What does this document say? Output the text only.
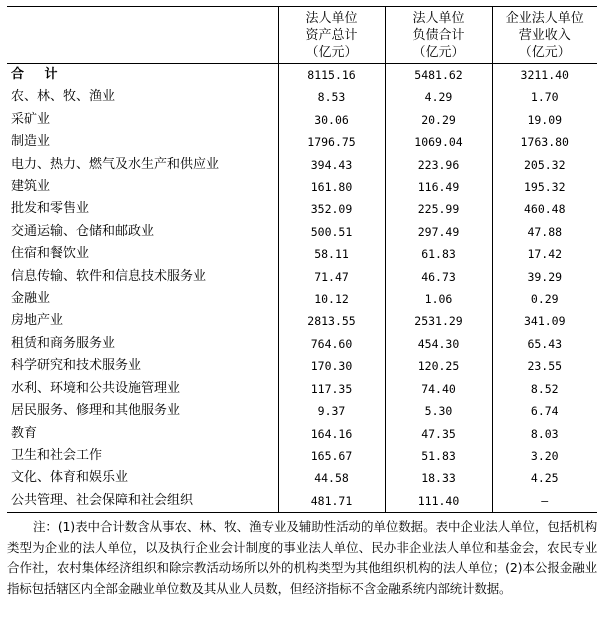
	法人单位
资产总计
（亿元）	法人单位
负债合计
（亿元）	企业法人单位
营业收入
（亿元）

合 计	8115.16	5481.62	3211.40
农、林、牧、渔业	8.53	4.29	1.70
采矿业	30.06	20.29	19.09
制造业	1796.75	1069.04	1763.80
电力、热力、燃气及水生产和供应业	394.43	223.96	205.32
建筑业	161.80	116.49	195.32
批发和零售业	352.09	225.99	460.48
交通运输、仓储和邮政业	500.51	297.49	47.88
住宿和餐饮业	58.11	61.83	17.42
信息传输、软件和信息技术服务业	71.47	46.73	39.29
金融业	10.12	1.06	0.29
房地产业	2813.55	2531.29	341.09
租赁和商务服务业	764.60	454.30	65.43
科学研究和技术服务业	170.30	120.25	23.55
水利、环境和公共设施管理业	117.35	74.40	8.52
居民服务、修理和其他服务业	9.37	5.30	6.74
教育	164.16	47.35	8.03
卫生和社会工作	165.67	51.83	3.20
文化、体育和娱乐业	44.58	18.33	4.25
公共管理、社会保障和社会组织	481.71	111.40	—
注：(1)表中合计数含从事农、林、牧、渔专业及辅助性活动的单位数据。表中企业法人单位，包括机构类型为企业的法人单位，以及执行企业会计制度的事业法人单位、民办非企业法人单位和基金会，农民专业合作社，农村集体经济组织和除宗教活动场所以外的机构类型为其他组织机构的法人单位；(2)本公报金融业指标包括辖区内全部金融业单位数及其从业人员数，但经济指标不含金融系统内部统计数据。
